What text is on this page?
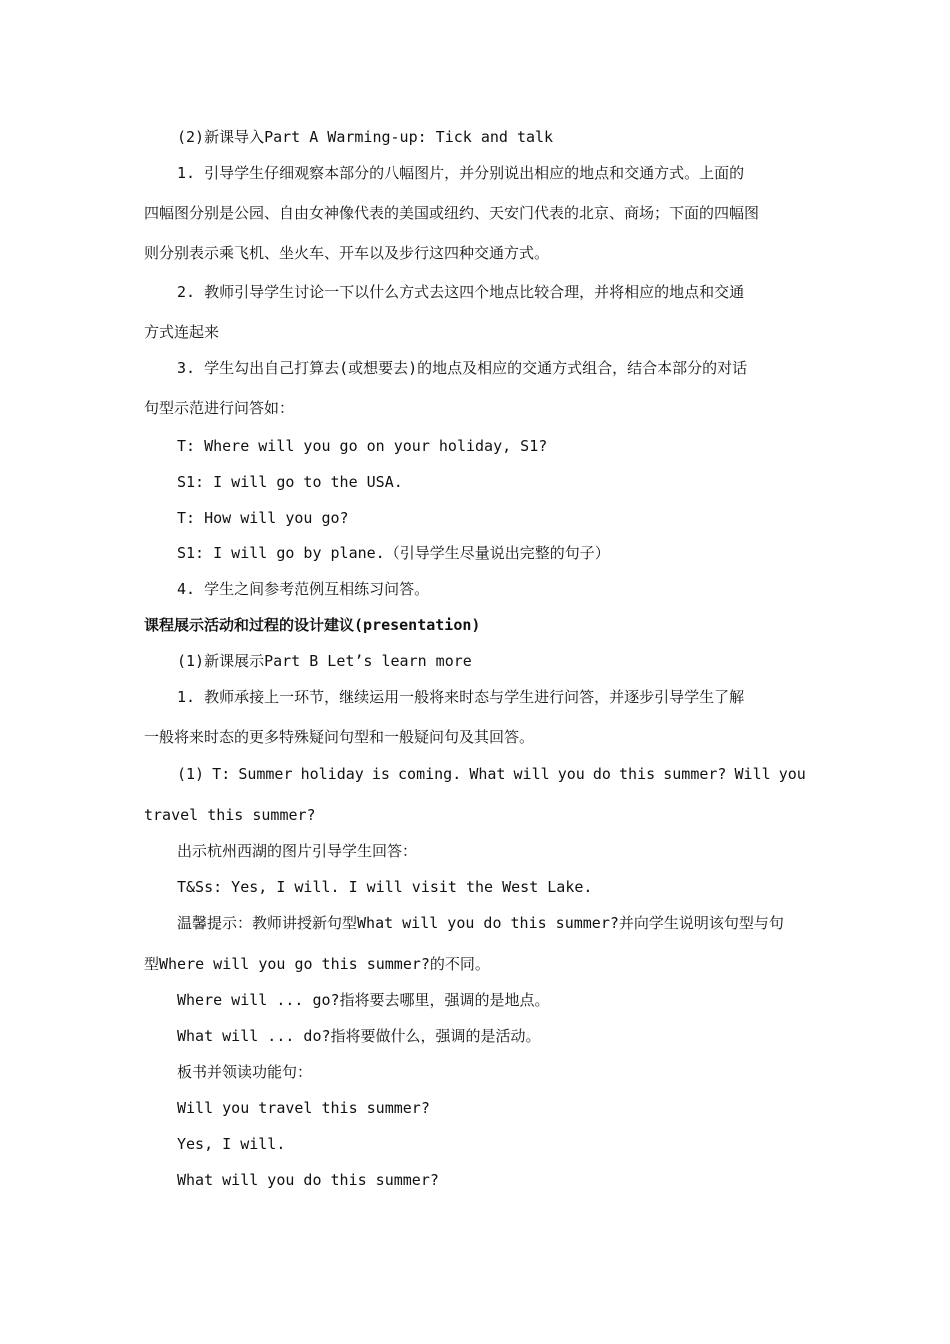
(2)新课导入Part A Warming-up: Tick and talk
1. 引导学生仔细观察本部分的八幅图片，并分别说出相应的地点和交通方式。上面的
四幅图分别是公园、自由女神像代表的美国或纽约、天安门代表的北京、商场；下面的四幅图
则分别表示乘飞机、坐火车、开车以及步行这四种交通方式。
2. 教师引导学生讨论一下以什么方式去这四个地点比较合理，并将相应的地点和交通
方式连起来
3. 学生勾出自己打算去(或想要去)的地点及相应的交通方式组合，结合本部分的对话
句型示范进行问答如：
T: Where will you go on your holiday, S1?
S1: I will go to the USA.
T: How will you go?
S1: I will go by plane.（引导学生尽量说出完整的句子）
4. 学生之间参考范例互相练习问答。
课程展示活动和过程的设计建议(presentation)
(1)新课展示Part B Let’s learn more
1. 教师承接上一环节，继续运用一般将来时态与学生进行问答，并逐步引导学生了解
一般将来时态的更多特殊疑问句型和一般疑问句及其回答。
(1) T: Summer holiday is coming. What will you do this summer? Will you
travel this summer?
出示杭州西湖的图片引导学生回答：
T&Ss: Yes, I will. I will visit the West Lake.
温馨提示：教师讲授新句型What will you do this summer?并向学生说明该句型与句
型Where will you go this summer?的不同。
Where will ... go?指将要去哪里，强调的是地点。
What will ... do?指将要做什么，强调的是活动。
板书并领读功能句：
Will you travel this summer?
Yes, I will.
What will you do this summer?
